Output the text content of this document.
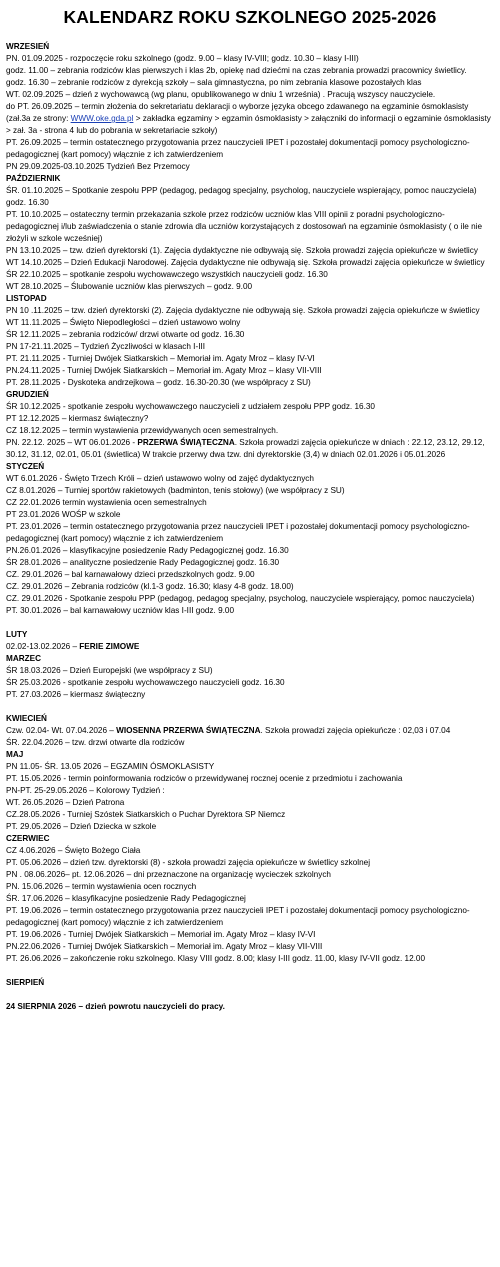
KALENDARZ ROKU SZKOLNEGO 2025-2026
WRZESIEŃ
PN. 01.09.2025 - rozpoczęcie roku szkolnego (godz. 9.00 – klasy IV-VIII; godz. 10.30 – klasy I-III)
godz. 11.00 – zebrania rodziców klas pierwszych i klas 2b, opiekę nad dziećmi na czas zebrania prowadzi pracownicy świetlicy.
godz. 16.30 – zebranie rodziców z dyrekcją szkoły – sala gimnastyczna, po nim zebrania klasowe pozostałych klas
WT. 02.09.2025 – dzień z wychowawcą (wg planu, opublikowanego w dniu 1 września) . Pracują wszyscy nauczyciele.
do PT. 26.09.2025 – termin złożenia do sekretariatu deklaracji o wyborze języka obcego zdawanego na egzaminie ósmoklasisty (zał.3a ze strony: WWW.oke.gda.pl > zakładka egzaminy > egzamin ósmoklasisty > załączniki do informacji o egzaminie ósmoklasisty > zał. 3a - strona 4 lub do pobrania w sekretariacie szkoły)
PT. 26.09.2025 – termin ostatecznego przygotowania przez nauczycieli IPET i pozostałej dokumentacji pomocy psychologiczno-pedagogicznej (kart pomocy) włącznie z ich zatwierdzeniem
PN 29.09.2025-03.10.2025 Tydzień Bez Przemocy
PAŹDZIERNIK
ŚR. 01.10.2025 – Spotkanie zespołu PPP (pedagog, pedagog specjalny, psycholog, nauczyciele wspierający, pomoc nauczyciela) godz. 16.30
PT. 10.10.2025 – ostateczny termin przekazania szkole przez rodziców uczniów klas VIII opinii z poradni psychologiczno-pedagogicznej i/lub zaświadczenia o stanie zdrowia dla uczniów korzystających z dostosowań na egzaminie ósmoklasisty ( o ile nie złożyli w szkole wcześniej)
PN 13.10.2025 – tzw. dzień dyrektorski (1). Zajęcia dydaktyczne nie odbywają się. Szkoła prowadzi zajęcia opiekuńcze w świetlicy
WT 14.10.2025 – Dzień Edukacji Narodowej. Zajęcia dydaktyczne nie odbywają się. Szkoła prowadzi zajęcia opiekuńcze w świetlicy
ŚR 22.10.2025 – spotkanie zespołu wychowawczego wszystkich nauczycieli godz. 16.30
WT 28.10.2025 – Ślubowanie uczniów klas pierwszych – godz. 9.00
LISTOPAD
PN 10 .11.2025 – tzw. dzień dyrektorski (2). Zajęcia dydaktyczne nie odbywają się. Szkoła prowadzi zajęcia opiekuńcze w świetlicy
WT 11.11.2025 – Święto Niepodległości – dzień ustawowo wolny
ŚR 12.11.2025 – zebrania rodziców/ drzwi otwarte od godz. 16.30
PN 17-21.11.2025 – Tydzień Życzliwości w klasach I-III
PT. 21.11.2025 - Turniej Dwójek Siatkarskich – Memoriał im. Agaty Mroz – klasy IV-VI
PN.24.11.2025 - Turniej Dwójek Siatkarskich – Memoriał im. Agaty Mroz – klasy VII-VIII
PT. 28.11.2025 - Dyskoteka andrzejkowa – godz. 16.30-20.30 (we współpracy z SU)
GRUDZIEŃ
ŚR 10.12.2025 - spotkanie zespołu wychowawczego nauczycieli z udziałem zespołu PPP godz. 16.30
PT 12.12.2025 – kiermasz świąteczny?
CZ 18.12.2025 – termin wystawienia przewidywanych ocen semestralnych.
PN. 22.12. 2025 – WT 06.01.2026 - PRZERWA ŚWIĄTECZNA. Szkoła prowadzi zajęcia opiekuńcze w dniach : 22.12, 23.12, 29.12, 30.12, 31.12, 02.01, 05.01 (świetlica) W trakcie przerwy dwa tzw. dni dyrektorskie (3,4) w dniach 02.01.2026 i 05.01.2026
STYCZEŃ
WT 6.01.2026 - Święto Trzech Króli – dzień ustawowo wolny od zajęć dydaktycznych
CZ 8.01.2026 – Turniej sportów rakietowych (badminton, tenis stołowy) (we współpracy z SU)
CZ 22.01.2026 termin wystawienia ocen semestralnych
PT 23.01.2026 WOŚP w szkole
PT. 23.01.2026 – termin ostatecznego przygotowania przez nauczycieli IPET i pozostałej dokumentacji pomocy psychologiczno-pedagogicznej (kart pomocy) włącznie z ich zatwierdzeniem
PN.26.01.2026 – klasyfikacyjne posiedzenie Rady Pedagogicznej godz. 16.30
ŚR 28.01.2026 – analityczne posiedzenie Rady Pedagogicznej godz. 16.30
CZ. 29.01.2026 – bal karnawałowy dzieci przedszkolnych godz. 9.00
CZ. 29.01.2026 – Zebrania rodziców (kl.1-3 godz. 16.30; klasy 4-8 godz. 18.00)
CZ. 29.01.2026 - Spotkanie zespołu PPP (pedagog, pedagog specjalny, psycholog, nauczyciele wspierający, pomoc nauczyciela)
PT. 30.01.2026 – bal karnawałowy uczniów klas I-III godz. 9.00
LUTY
02.02-13.02.2026 – FERIE ZIMOWE
MARZEC
ŚR 18.03.2026 – Dzień Europejski (we współpracy z SU)
ŚR 25.03.2026 - spotkanie zespołu wychowawczego nauczycieli godz. 16.30
PT. 27.03.2026 – kiermasz świąteczny
KWIECIEŃ
Czw. 02.04- Wt. 07.04.2026 – WIOSENNA PRZERWA ŚWIĄTECZNA. Szkoła prowadzi zajęcia opiekuńcze : 02,03 i 07.04
ŚR. 22.04.2026 – tzw. drzwi otwarte dla rodziców
MAJ
PN 11.05- ŚR. 13.05 2026 – EGZAMIN ÓSMOKLASISTY
PT. 15.05.2026 - termin poinformowania rodziców o przewidywanej rocznej ocenie z przedmiotu i zachowania
PN-PT. 25-29.05.2026 – Kolorowy Tydzień :
WT. 26.05.2026 – Dzień Patrona
CZ.28.05.2026 - Turniej Szóstek Siatkarskich o Puchar Dyrektora SP Niemcz
PT. 29.05.2026 – Dzień Dziecka w szkole
CZERWIEC
CZ 4.06.2026 – Święto Bożego Ciała
PT. 05.06.2026 – dzień tzw. dyrektorski (8) - szkoła prowadzi zajęcia opiekuńcze w świetlicy szkolnej
PN . 08.06.2026– pt. 12.06.2026 – dni przeznaczone na organizację wycieczek szkolnych
PN. 15.06.2026 – termin wystawienia ocen rocznych
ŚR. 17.06.2026 – klasyfikacyjne posiedzenie Rady Pedagogicznej
PT. 19.06.2026 – termin ostatecznego przygotowania przez nauczycieli IPET i pozostałej dokumentacji pomocy psychologiczno-pedagogicznej (kart pomocy) włącznie z ich zatwierdzeniem
PT. 19.06.2026 - Turniej Dwójek Siatkarskich – Memoriał im. Agaty Mroz – klasy IV-VI
PN.22.06.2026 - Turniej Dwójek Siatkarskich – Memoriał im. Agaty Mroz – klasy VII-VIII
PT. 26.06.2026 – zakończenie roku szkolnego. Klasy VIII godz. 8.00; klasy I-III godz. 11.00, klasy IV-VII godz. 12.00
SIERPIEŃ
24 SIERPNIA 2026 – dzień powrotu nauczycieli do pracy.
